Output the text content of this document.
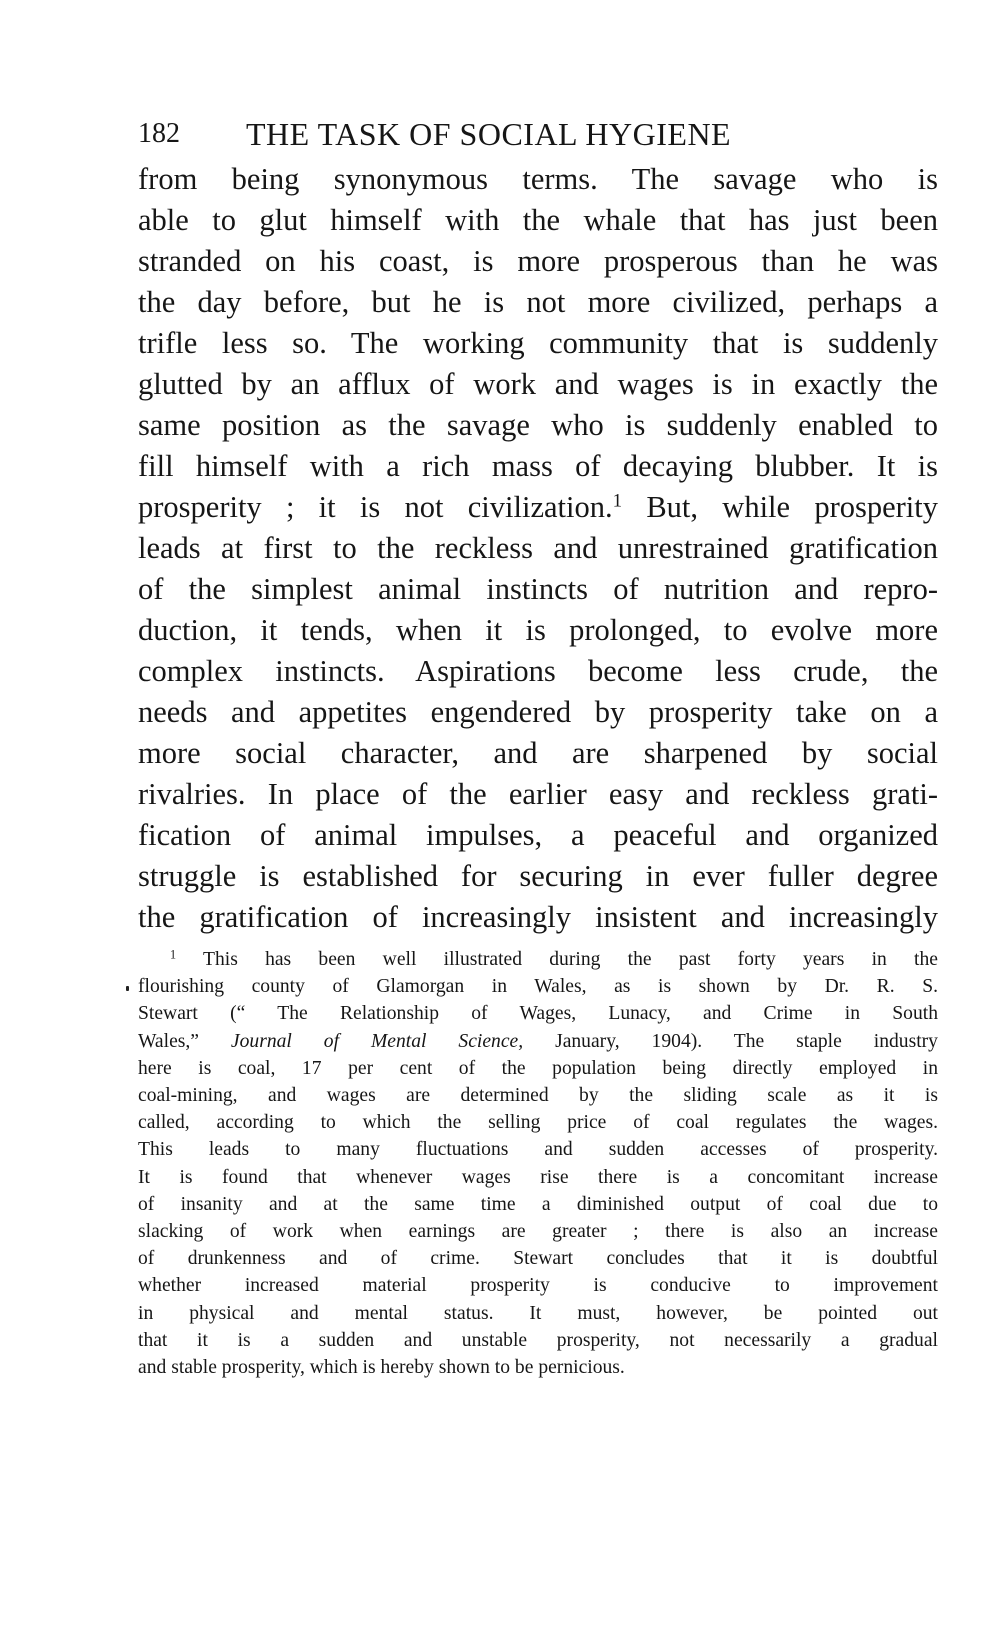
182 THE TASK OF SOCIAL HYGIENE
from being synonymous terms. The savage who is
able to glut himself with the whale that has just been
stranded on his coast, is more prosperous than he was
the day before, but he is not more civilized, perhaps a
trifle less so. The working community that is suddenly
glutted by an afflux of work and wages is in exactly the
same position as the savage who is suddenly enabled to
fill himself with a rich mass of decaying blubber. It is
prosperity ; it is not civilization.$^1$ But, while prosperity
leads at first to the reckless and unrestrained gratification
of the simplest animal instincts of nutrition and repro-
duction, it tends, when it is prolonged, to evolve more
complex instincts. Aspirations become less crude, the
needs and appetites engendered by prosperity take on a
more social character, and are sharpened by social
rivalries. In place of the earlier easy and reckless grati-
fication of animal impulses, a peaceful and organized
struggle is established for securing in ever fuller degree
the gratification of increasingly insistent and increasingly
$^1$ This has been well illustrated during the past forty years in the
flourishing county of Glamorgan in Wales, as is shown by Dr. R. S.
Stewart (“ The Relationship of Wages, Lunacy, and Crime in South
Wales,” Journal of Mental Science, January, 1904). The staple industry
here is coal, 17 per cent of the population being directly employed in
coal-mining, and wages are determined by the sliding scale as it is
called, according to which the selling price of coal regulates the wages.
This leads to many fluctuations and sudden accesses of prosperity.
It is found that whenever wages rise there is a concomitant increase
of insanity and at the same time a diminished output of coal due to
slacking of work when earnings are greater ; there is also an increase
of drunkenness and of crime. Stewart concludes that it is doubtful
whether increased material prosperity is conducive to improvement
in physical and mental status. It must, however, be pointed out
that it is a sudden and unstable prosperity, not necessarily a gradual
and stable prosperity, which is hereby shown to be pernicious.
